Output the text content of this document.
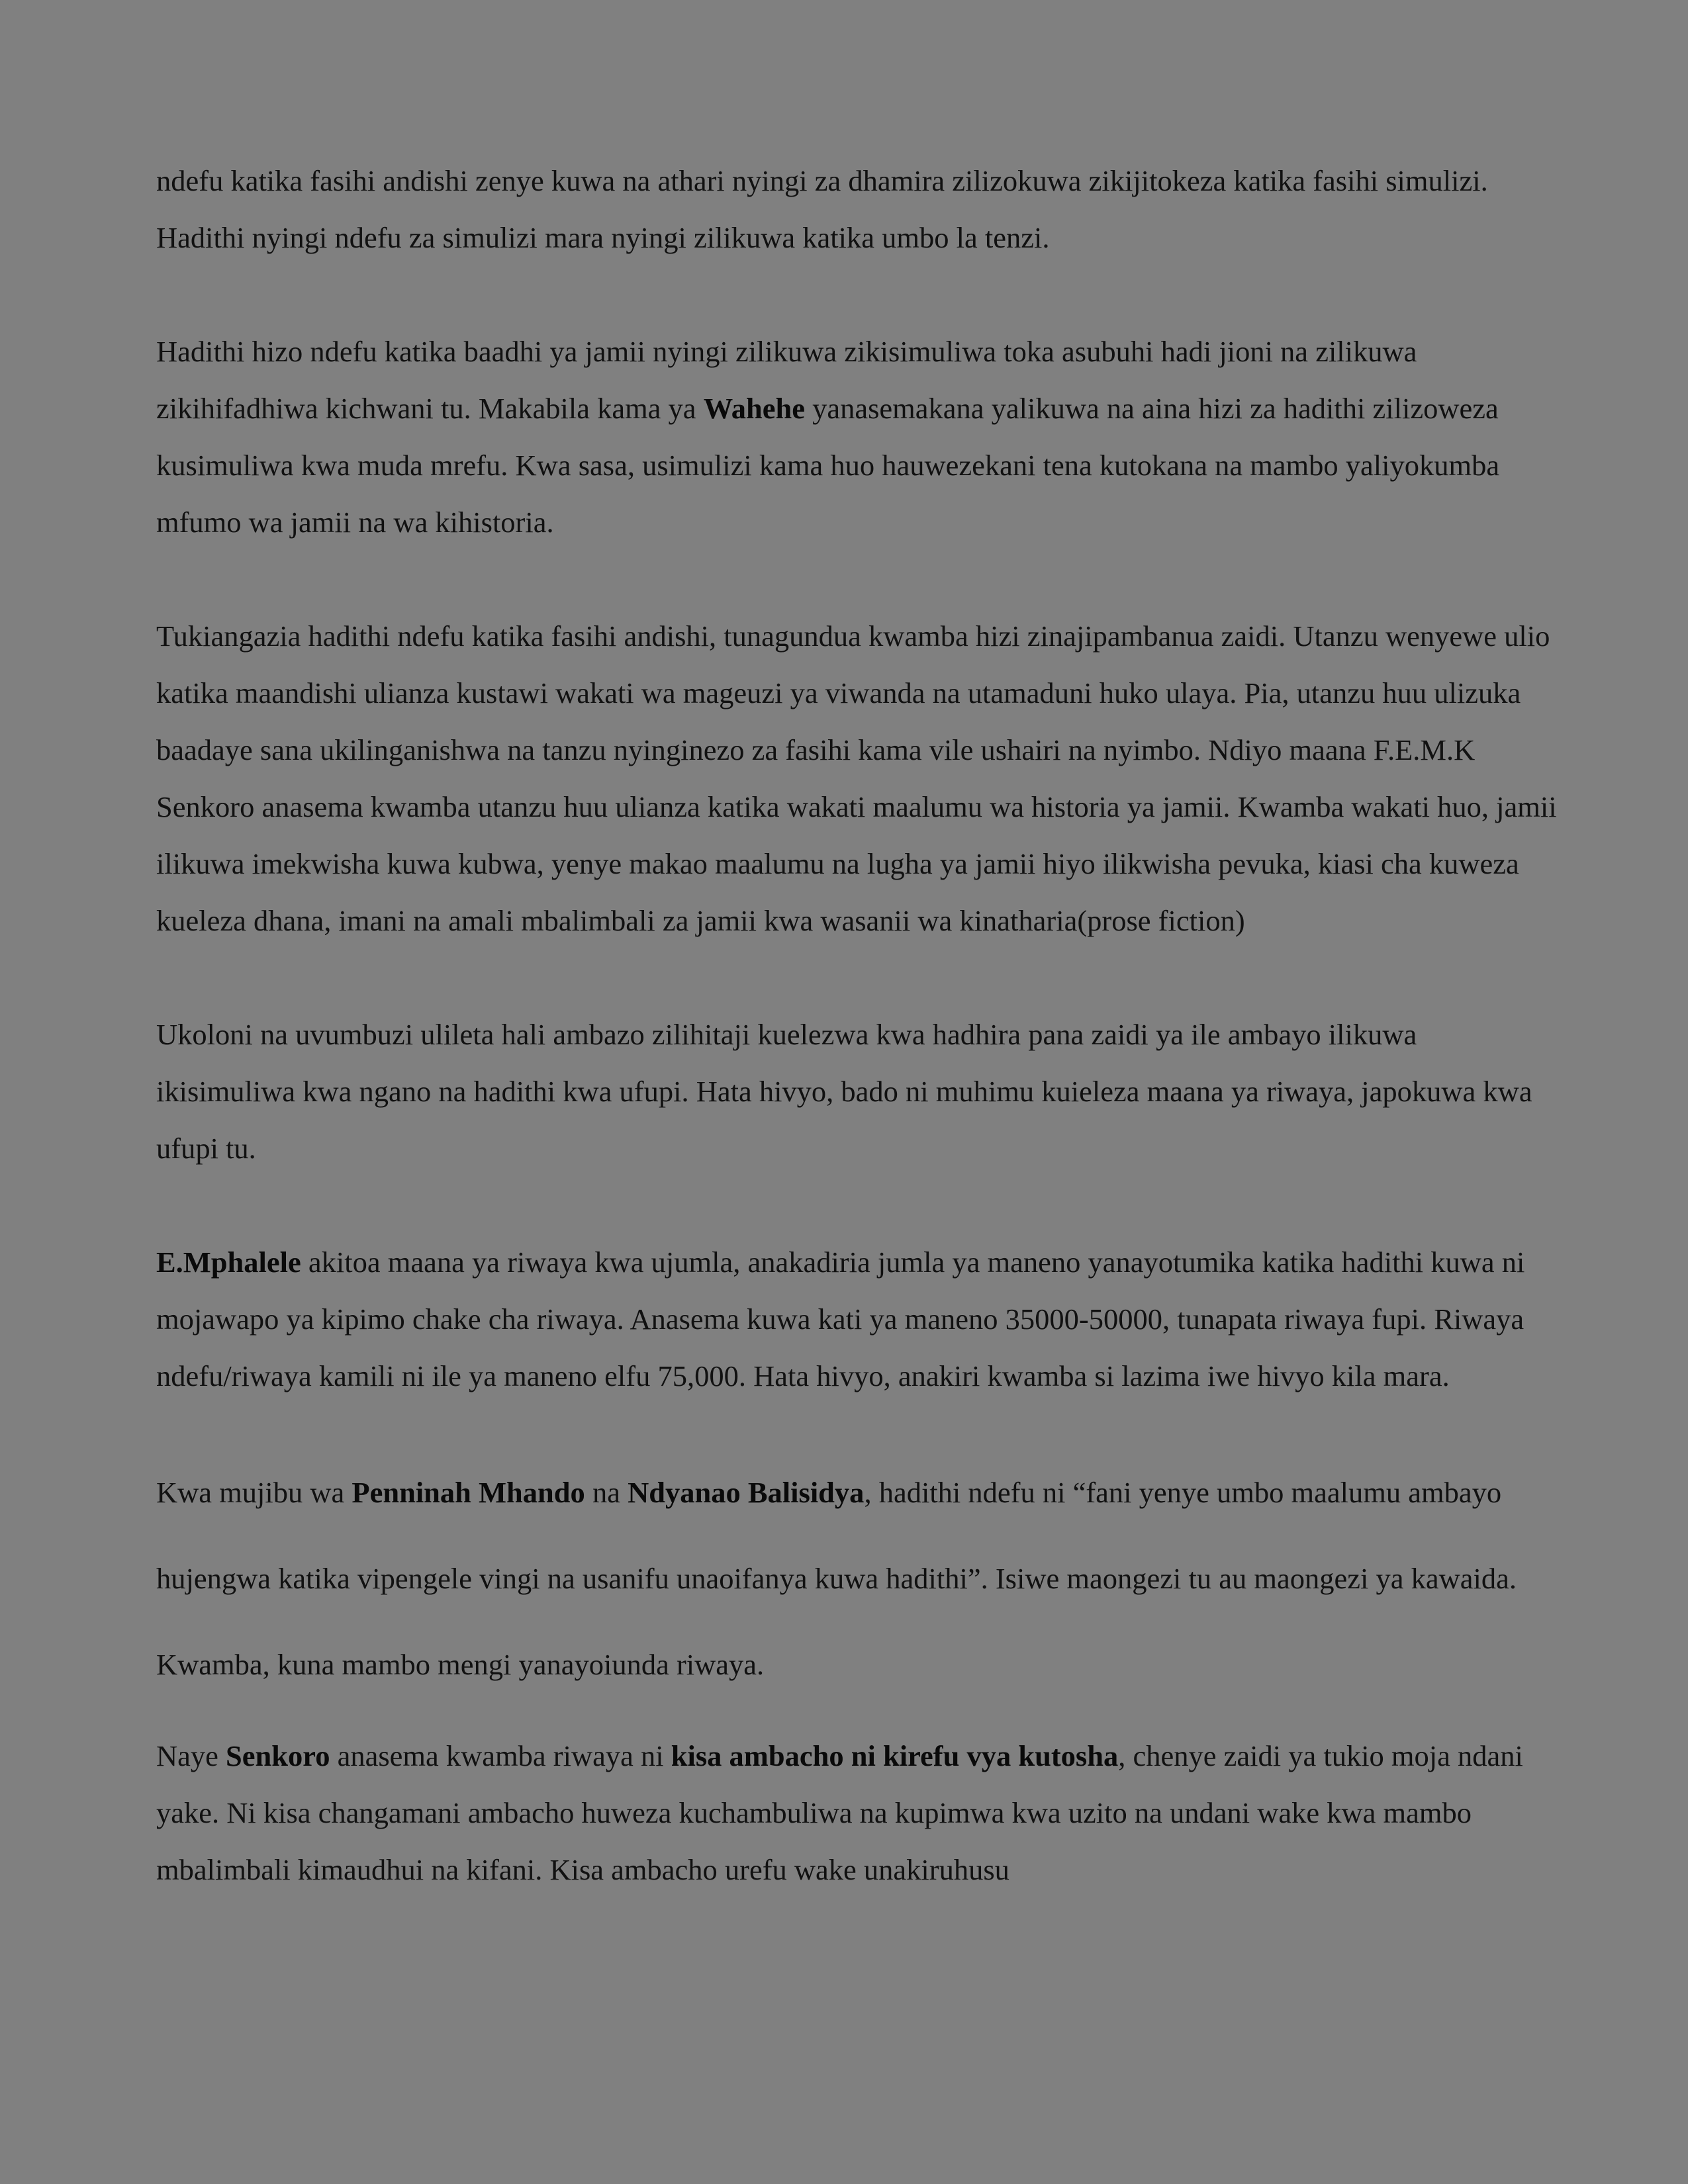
ndefu katika fasihi andishi zenye kuwa na athari nyingi za dhamira zilizokuwa zikijitokeza katika fasihi simulizi. Hadithi nyingi ndefu za simulizi mara nyingi zilikuwa katika umbo la tenzi.

Hadithi hizo ndefu katika baadhi ya jamii nyingi zilikuwa zikisimuliwa toka asubuhi hadi jioni na zilikuwa zikihifadhiwa kichwani tu. Makabila kama ya Wahehe yanasemakana yalikuwa na aina hizi za hadithi zilizoweza kusimuliwa kwa muda mrefu. Kwa sasa, usimulizi kama huo hauwezekani tena kutokana na mambo yaliyokumba mfumo wa jamii na wa kihistoria.

Tukiangazia hadithi ndefu katika fasihi andishi, tunagundua kwamba hizi zinajipambanua zaidi. Utanzu wenyewe ulio katika maandishi ulianza kustawi wakati wa mageuzi ya viwanda na utamaduni huko ulaya. Pia, utanzu huu ulizuka baadaye sana ukilinganishwa na tanzu nyinginezo za fasihi kama vile ushairi na nyimbo. Ndiyo maana F.E.M.K Senkoro anasema kwamba utanzu huu ulianza katika wakati maalumu wa historia ya jamii. Kwamba wakati huo, jamii ilikuwa imekwisha kuwa kubwa, yenye makao maalumu na lugha ya jamii hiyo ilikwisha pevuka, kiasi cha kuweza kueleza dhana, imani na amali mbalimbali za jamii kwa wasanii wa kinatharia(prose fiction)

Ukoloni na uvumbuzi ulileta hali ambazo zilihitaji kuelezwa kwa hadhira pana zaidi ya ile ambayo ilikuwa ikisimuliwa kwa ngano na hadithi kwa ufupi. Hata hivyo, bado ni muhimu kuieleza maana ya riwaya, japokuwa kwa ufupi tu.

E.Mphalele akitoa maana ya riwaya kwa ujumla, anakadiria jumla ya maneno yanayotumika katika hadithi kuwa ni mojawapo ya kipimo chake cha riwaya. Anasema kuwa kati ya maneno 35000-50000, tunapata riwaya fupi. Riwaya ndefu/riwaya kamili ni ile ya maneno elfu 75,000. Hata hivyo, anakiri kwamba si lazima iwe hivyo kila mara.

Kwa mujibu wa Penninah Mhando na Ndyanao Balisidya, hadithi ndefu ni “fani yenye umbo maalumu ambayo hujengwa katika vipengele vingi na usanifu unaoifanya kuwa hadithi”. Isiwe maongezi tu au maongezi ya kawaida. Kwamba, kuna mambo mengi yanayoiunda riwaya.

Naye Senkoro anasema kwamba riwaya ni kisa ambacho ni kirefu vya kutosha, chenye zaidi ya tukio moja ndani yake. Ni kisa changamani ambacho huweza kuchambuliwa na kupimwa kwa uzito na undani wake kwa mambo mbalimbali kimaudhui na kifani. Kisa ambacho urefu wake unakiruhusu
